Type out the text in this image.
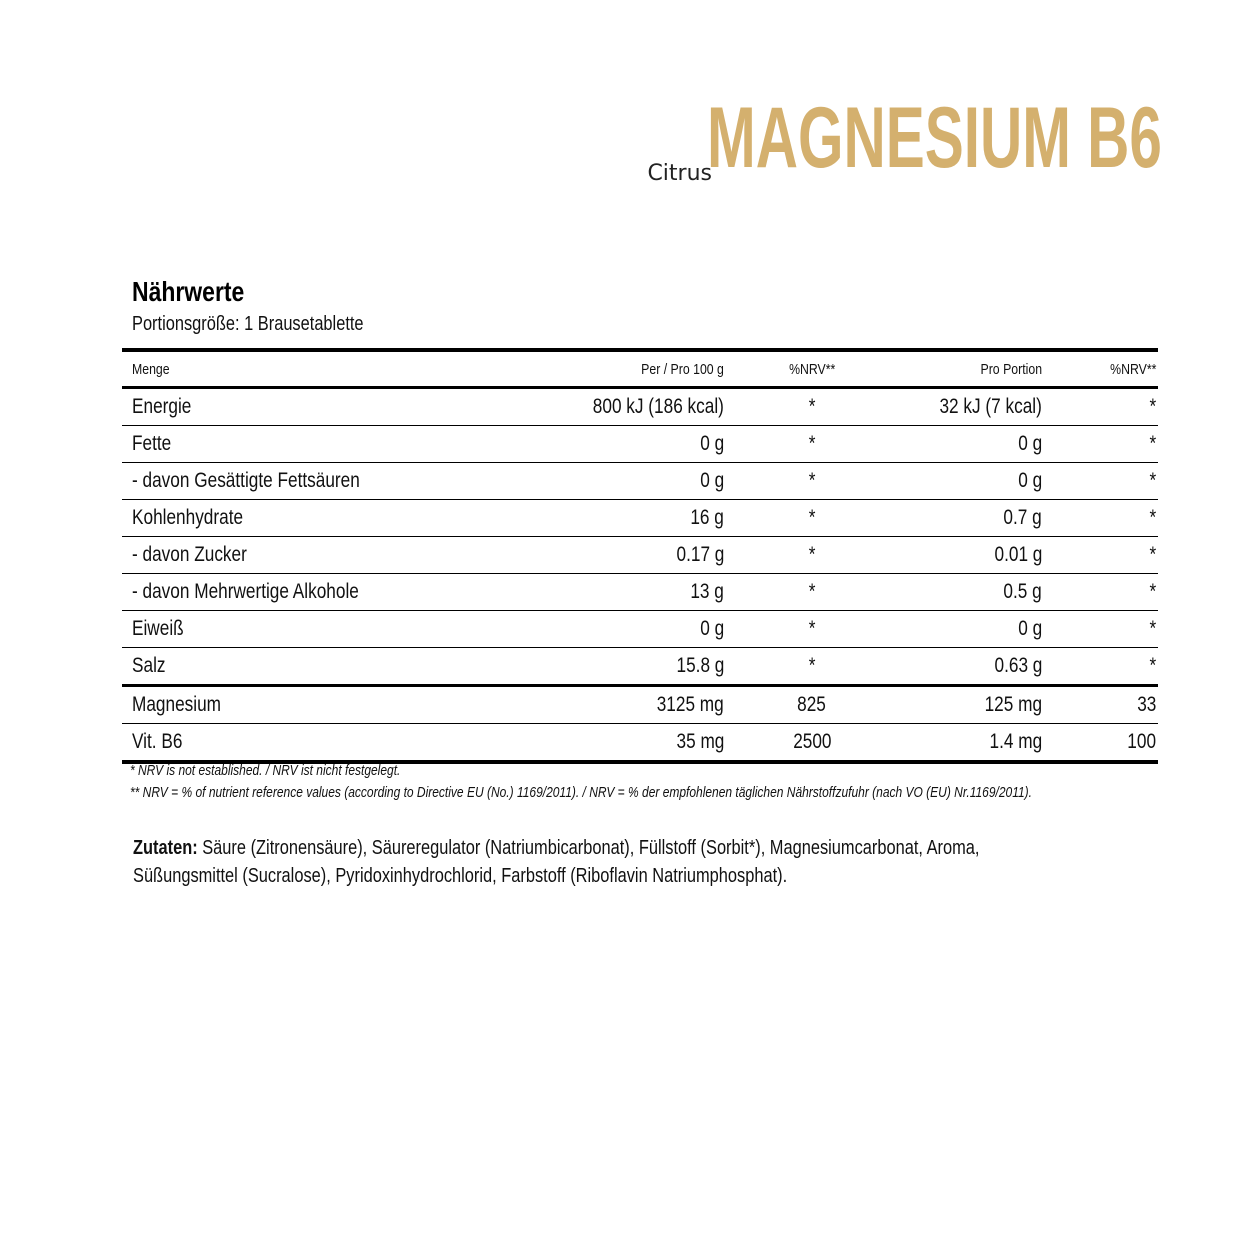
Citrus
MAGNESIUM B6
Nährwerte
Portionsgröße: 1 Brausetablette
Menge	Per / Pro 100 g	%NRV**	Pro Portion	%NRV**
Energie	800 kJ (186 kcal)	*	32 kJ (7 kcal)	*
Fette	0 g	*	0 g	*
- davon Gesättigte Fettsäuren	0 g	*	0 g	*
Kohlenhydrate	16 g	*	0.7 g	*
- davon Zucker	0.17 g	*	0.01 g	*
- davon Mehrwertige Alkohole	13 g	*	0.5 g	*
Eiweiß	0 g	*	0 g	*
Salz	15.8 g	*	0.63 g	*
Magnesium	3125 mg	825	125 mg	33
Vit. B6	35 mg	2500	1.4 mg	100
* NRV is not established. / NRV ist nicht festgelegt.
** NRV = % of nutrient reference values (according to Directive EU (No.) 1169/2011). / NRV = % der empfohlenen täglichen Nährstoffzufuhr (nach VO (EU) Nr.1169/2011).
Zutaten: Säure (Zitronensäure), Säureregulator (Natriumbicarbonat), Füllstoff (Sorbit*), Magnesiumcarbonat, Aroma,
Süßungsmittel (Sucralose), Pyridoxinhydrochlorid, Farbstoff (Riboflavin Natriumphosphat).
